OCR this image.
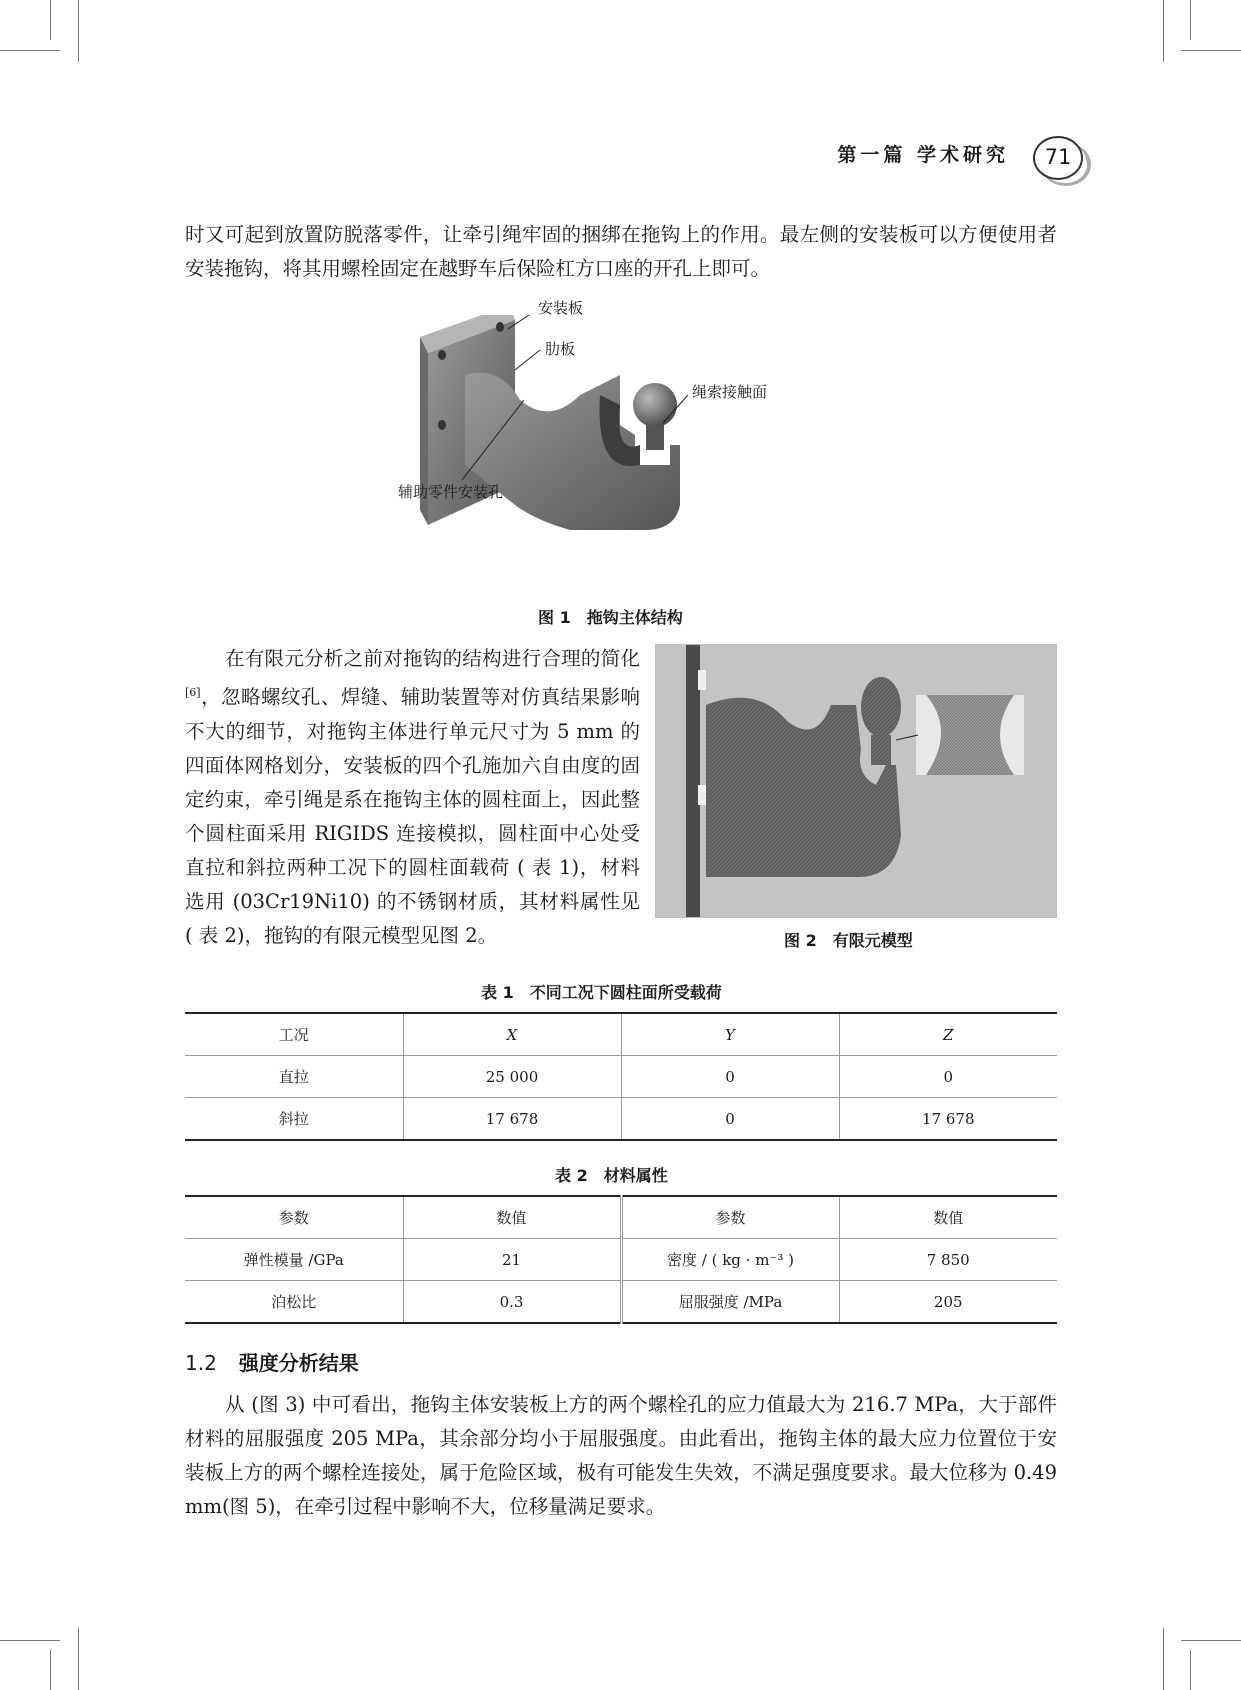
第一篇 学术研究	71
时又可起到放置防脱落零件，让牵引绳牢固的捆绑在拖钩上的作用。最左侧的安装板可以方便使用者安装拖钩，将其用螺栓固定在越野车后保险杠方口座的开孔上即可。
安装板
肋板
绳索接触面
辅助零件安装孔
图 1　拖钩主体结构
在有限元分析之前对拖钩的结构进行合理的简化[6]，忽略螺纹孔、焊缝、辅助装置等对仿真结果影响不大的细节，对拖钩主体进行单元尺寸为 5 mm 的四面体网格划分，安装板的四个孔施加六自由度的固定约束，牵引绳是系在拖钩主体的圆柱面上，因此整个圆柱面采用 RIGIDS 连接模拟，圆柱面中心处受直拉和斜拉两种工况下的圆柱面载荷 ( 表 1)，材料选用 (03Cr19Ni10) 的不锈钢材质，其材料属性见 ( 表 2)，拖钩的有限元模型见图 2。	图 2　有限元模型
表 1　不同工况下圆柱面所受载荷
工况	X	Y	Z
直拉	25 000	0	0
斜拉	17 678	0	17 678
表 2　材料属性
参数	数值	参数	数值
弹性模量 /GPa	21	密度 / ( kg · m⁻³ )	7 850
泊松比	0.3	屈服强度 /MPa	205
1.2 强度分析结果
从 (图 3) 中可看出，拖钩主体安装板上方的两个螺栓孔的应力值最大为 216.7 MPa，大于部件材料的屈服强度 205 MPa，其余部分均小于屈服强度。由此看出，拖钩主体的最大应力位置位于安装板上方的两个螺栓连接处，属于危险区域，极有可能发生失效，不满足强度要求。最大位移为 0.49 mm(图 5)，在牵引过程中影响不大，位移量满足要求。
